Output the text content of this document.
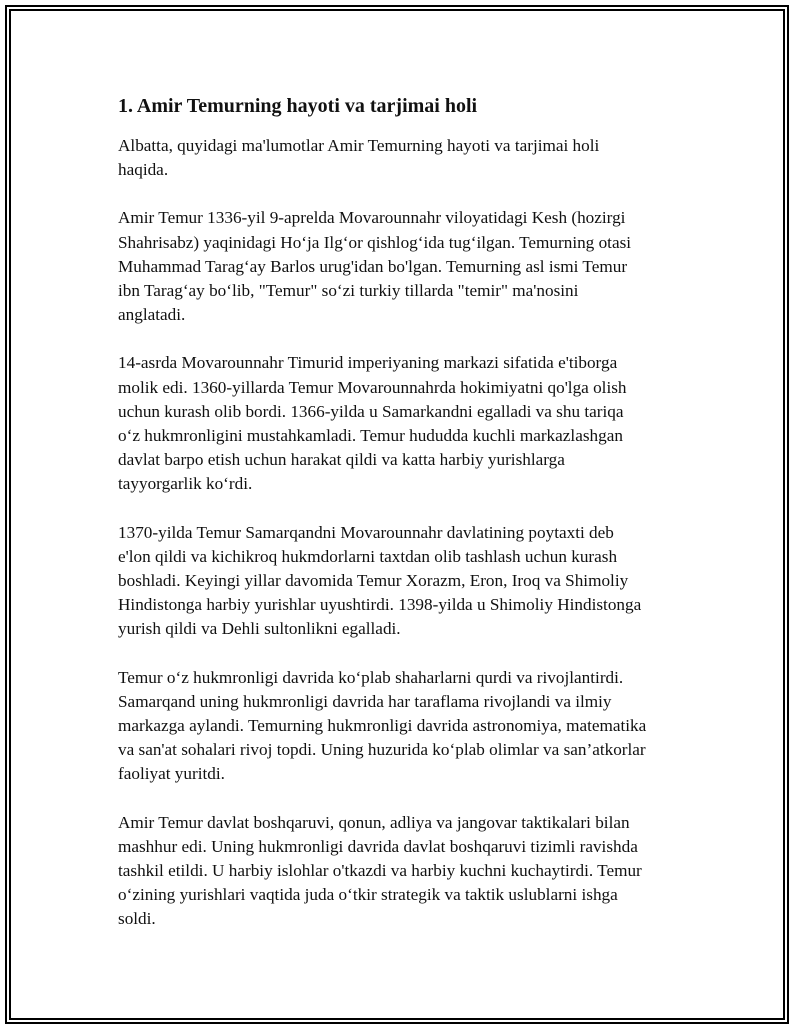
1. Amir Temurning hayoti va tarjimai holi

Albatta, quyidagi ma'lumotlar Amir Temurning hayoti va tarjimai holi
haqida.

Amir Temur 1336-yil 9-aprelda Movarounnahr viloyatidagi Kesh (hozirgi
Shahrisabz) yaqinidagi Ho‘ja Ilg‘or qishlog‘ida tug‘ilgan. Temurning otasi
Muhammad Tarag‘ay Barlos urug'idan bo'lgan. Temurning asl ismi Temur
ibn Tarag‘ay bo‘lib, "Temur" so‘zi turkiy tillarda "temir" ma'nosini
anglatadi.

14-asrda Movarounnahr Timurid imperiyaning markazi sifatida e'tiborga
molik edi. 1360-yillarda Temur Movarounnahrda hokimiyatni qo'lga olish
uchun kurash olib bordi. 1366-yilda u Samarkandni egalladi va shu tariqa
o‘z hukmronligini mustahkamladi. Temur hududda kuchli markazlashgan
davlat barpo etish uchun harakat qildi va katta harbiy yurishlarga
tayyorgarlik ko‘rdi.

1370-yilda Temur Samarqandni Movarounnahr davlatining poytaxti deb
e'lon qildi va kichikroq hukmdorlarni taxtdan olib tashlash uchun kurash
boshladi. Keyingi yillar davomida Temur Xorazm, Eron, Iroq va Shimoliy
Hindistonga harbiy yurishlar uyushtirdi. 1398-yilda u Shimoliy Hindistonga
yurish qildi va Dehli sultonlikni egalladi.

Temur o‘z hukmronligi davrida ko‘plab shaharlarni qurdi va rivojlantirdi.
Samarqand uning hukmronligi davrida har taraflama rivojlandi va ilmiy
markazga aylandi. Temurning hukmronligi davrida astronomiya, matematika
va san'at sohalari rivoj topdi. Uning huzurida ko‘plab olimlar va san’atkorlar
faoliyat yuritdi.

Amir Temur davlat boshqaruvi, qonun, adliya va jangovar taktikalari bilan
mashhur edi. Uning hukmronligi davrida davlat boshqaruvi tizimli ravishda
tashkil etildi. U harbiy islohlar o'tkazdi va harbiy kuchni kuchaytirdi. Temur
o‘zining yurishlari vaqtida juda o‘tkir strategik va taktik uslublarni ishga
soldi.
